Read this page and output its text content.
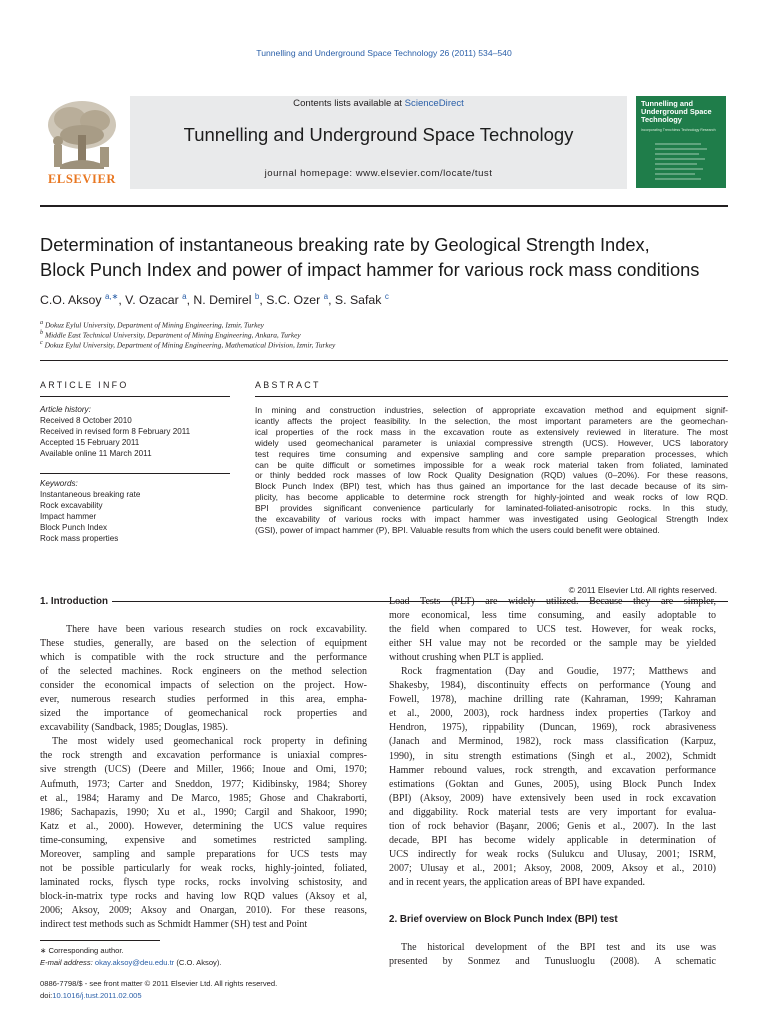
Tunnelling and Underground Space Technology 26 (2011) 534–540
Contents lists available at ScienceDirect
Tunnelling and Underground Space Technology
journal homepage: www.elsevier.com/locate/tust
ELSEVIER
Tunnelling and Underground Space Technology
incorporating Trenchless Technology Research
Determination of instantaneous breaking rate by Geological Strength Index,
Block Punch Index and power of impact hammer for various rock mass conditions
C.O. Aksoy $^{a,∗}$, V. Ozacar $^a$, N. Demirel $^b$, S.C. Ozer $^a$, S. Safak $^c$
$^a$ Dokuz Eylul University, Department of Mining Engineering, Izmir, Turkey
$^b$ Middle East Technical University, Department of Mining Engineering, Ankara, Turkey
$^c$ Dokuz Eylul University, Department of Mining Engineering, Mathematical Division, Izmir, Turkey
ARTICLE INFO
Article history:
Received 8 October 2010
Received in revised form 8 February 2011
Accepted 15 February 2011
Available online 11 March 2011
Keywords:
Instantaneous breaking rate
Rock excavability
Impact hammer
Block Punch Index
Rock mass properties
ABSTRACT
In mining and construction industries, selection of appropriate excavation method and equipment signif-
icantly affects the project feasibility. In the selection, the most important parameters are the geomechan-
ical properties of the rock mass in the excavation route as extensively reviewed in literature. The most
widely used geomechanical parameter is uniaxial compressive strength (UCS). However, UCS laboratory
test requires time consuming and expensive sampling and core sample preparation processes, which
can be quite difficult or sometimes impossible for a weak rock material taken from foliated, laminated
or thinly bedded rock masses of low Rock Quality Designation (RQD) values (0–20%). For these reasons,
Block Punch Index (BPI) test, which has thus gained an importance for the last decade because of its sim-
plicity, has become applicable to determine rock strength for highly-jointed and weak rocks of low RQD.
BPI provides significant convenience particularly for laminated-foliated-anisotropic rocks. In this study,
the excavability of various rocks with impact hammer was investigated using Geological Strength Index
(GSI), power of impact hammer (P), BPI. Valuable results from which the users could benefit were obtained.
© 2011 Elsevier Ltd. All rights reserved.
1. Introduction

There have been various research studies on rock excavability.

These studies, generally, are based on the selection of equipment

which is compatible with the rock structure and the performance

of the selected machines. Rock engineers on the method selection

consider the economical impacts of selection on the project. How-

ever, numerous research studies performed in this area, empha-

sized the importance of geomechanical rock properties and

excavability (Sandback, 1985; Douglas, 1985).

The most widely used geomechanical rock property in defining

the rock strength and excavation performance is uniaxial compres-

sive strength (UCS) (Deere and Miller, 1966; Inoue and Omi, 1970;

Aufmuth, 1973; Carter and Sneddon, 1977; Kidibinsky, 1984; Shorey

et al., 1984; Haramy and De Marco, 1985; Ghose and Chakraborti,

1986; Sachapazis, 1990; Xu et al., 1990; Cargil and Shakoor, 1990;

Katz et al., 2000). However, determining the UCS value requires

time-consuming, expensive and sometimes restricted sampling.

Moreover, sampling and sample preparations for UCS tests may

not be possible particularly for weak rocks, highly-jointed, foliated,

laminated rocks, flysch type rocks, rocks involving schistosity, and

block-in-matrix type rocks and having low RQD values (Aksoy et al,

2006; Aksoy, 2009; Aksoy and Onargan, 2010). For these reasons,

indirect test methods such as Schmidt Hammer (SH) test and Point

∗ Corresponding author.
E-mail address: okay.aksoy@deu.edu.tr (C.O. Aksoy).
0886-7798/$ - see front matter © 2011 Elsevier Ltd. All rights reserved.
doi:10.1016/j.tust.2011.02.005

Load Tests (PLT) are widely utilized. Because they are simpler,

more economical, less time consuming, and easily adoptable to

the field when compared to UCS test. However, for weak rocks,

either SH value may not be recorded or the sample may be yielded

without crushing when PLT is applied.

Rock fragmentation (Day and Goudie, 1977; Matthews and

Shakesby, 1984), discontinuity effects on performance (Young and

Fowell, 1978), machine drilling rate (Kahraman, 1999; Kahraman

et al., 2000, 2003), rock hardness index properties (Tarkoy and

Hendron, 1975), rippability (Duncan, 1969), rock abrasiveness

(Janach and Merminod, 1982), rock mass classification (Karpuz,

1990), in situ strength estimations (Singh et al., 2002), Schmidt

Hammer rebound values, rock strength, and excavation performance

estimations (Goktan and Gunes, 2005), using Block Punch Index

(BPI) (Aksoy, 2009) have extensively been used in rock excavation

and diggability. Rock material tests are very important for evalua-

tion of rock behavior (Başanr, 2006; Genis et al., 2007). In the last

decade, BPI has become widely applicable in determination of

UCS indirectly for weak rocks (Sulukcu and Ulusay, 2001; ISRM,

2007; Ulusay et al., 2001; Aksoy, 2008, 2009, Aksoy et al., 2010)

and in recent years, the application areas of BPI have expanded.

2. Brief overview on Block Punch Index (BPI) test

The historical development of the BPI test and its use was

presented by Sonmez and Tunusluoglu (2008). A schematic
